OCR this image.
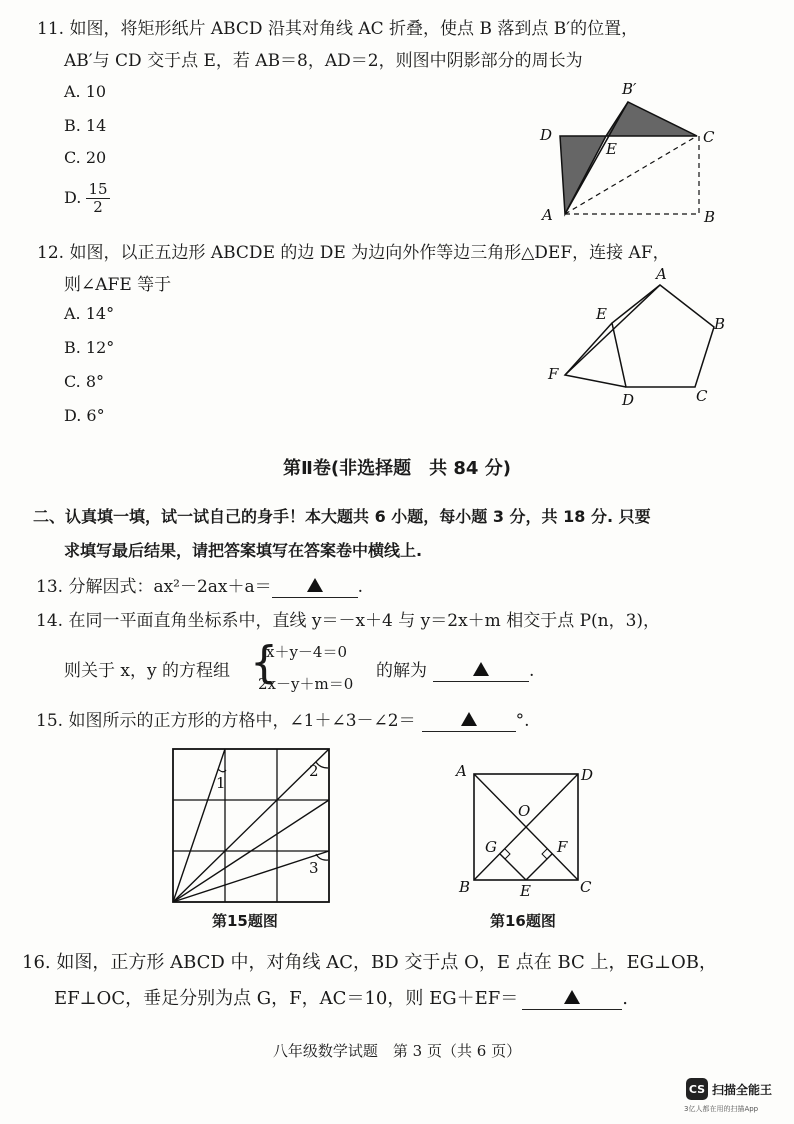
11. 如图，将矩形纸片 ABCD 沿其对角线 AC 折叠，使点 B 落到点 B′的位置，
AB′与 CD 交于点 E，若 AB＝8，AD＝2，则图中阴影部分的周长为
A. 10
B. 14
C. 20
D. $\frac{15}{2}$
B′
D
E
C
A	B
12. 如图，以正五边形 ABCDE 的边 DE 为边向外作等边三角形△DEF，连接 AF，
则∠AFE 等于
A. 14°
B. 12°
C. 8°
D. 6°
A
B
C
D
E
F
第Ⅱ卷(非选择题　共 84 分)
二、认真填一填，试一试自己的身手！本大题共 6 小题，每小题 3 分，共 18 分. 只要
求填写最后结果，请把答案填写在答案卷中横线上.
13. 分解因式：ax²－2ax＋a＝	.
14. 在同一平面直角坐标系中，直线 y＝－x＋4 与 y＝2x＋m 相交于点 P(n，3)，
则关于 x，y 的方程组 {
x＋y－4＝0
2x－y＋m＝0
的解为	.
15. 如图所示的正方形的方格中，∠1＋∠3－∠2＝	°.
1
2
3
第15题图
A	D
O
G	F
B	E	C
第16题图
16. 如图，正方形 ABCD 中，对角线 AC，BD 交于点 O，E 点在 BC 上，EG⊥OB，
EF⊥OC，垂足分别为点 G，F，AC＝10，则 EG＋EF＝	.
八年级数学试题　第 3 页（共 6 页）
CS 扫描全能王
3亿人都在用的扫描App
